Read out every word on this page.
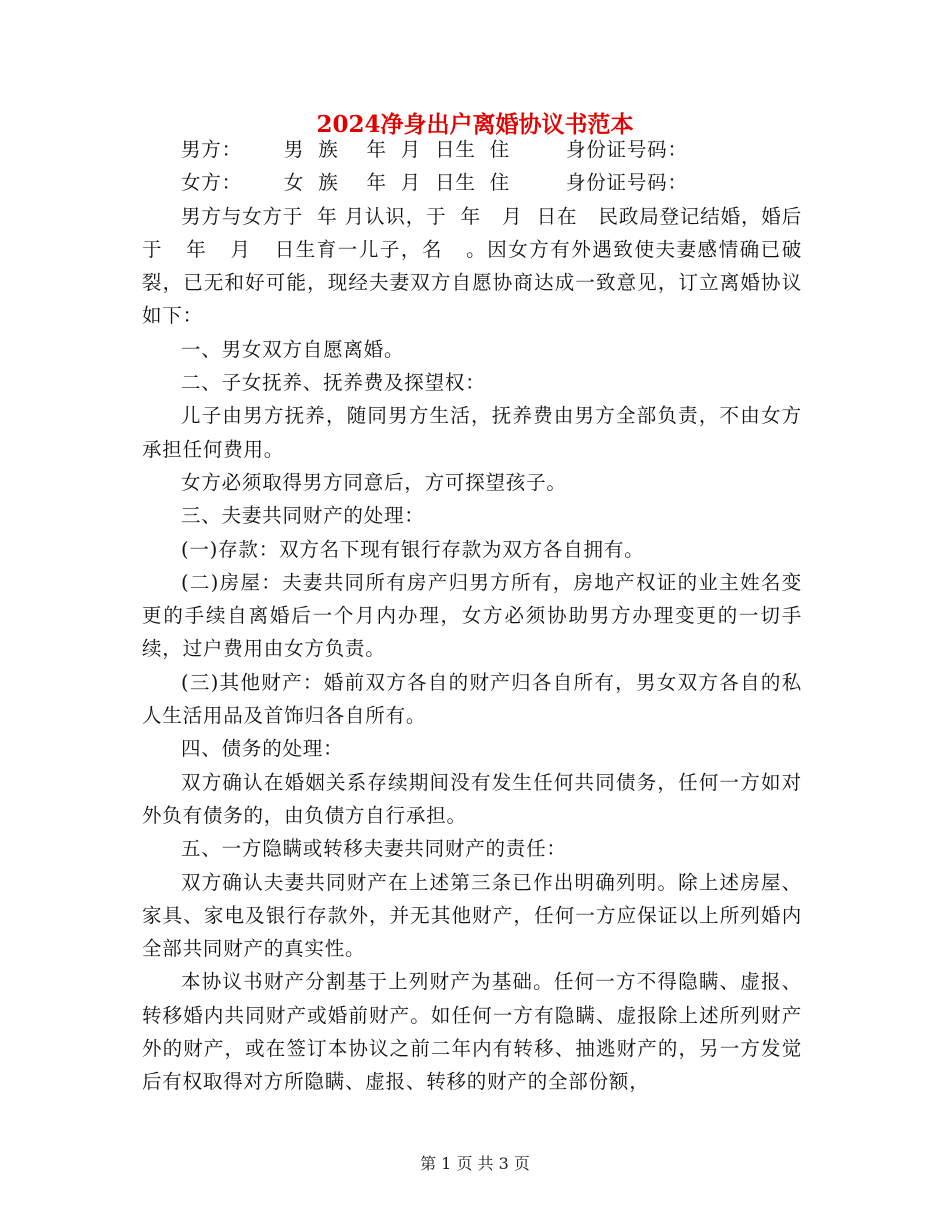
2024净身出户离婚协议书范本

男方：      男  族    年  月  日生  住        身份证号码：

女方：      女  族    年  月  日生  住        身份证号码：

男方与女方于  年 月认识，于  年   月  日在   民政局登记结婚，婚后于   年   月   日生育一儿子，名   。因女方有外遇致使夫妻感情确已破裂，已无和好可能，现经夫妻双方自愿协商达成一致意见，订立离婚协议如下：

一、男女双方自愿离婚。

二、子女抚养、抚养费及探望权：

儿子由男方抚养，随同男方生活，抚养费由男方全部负责，不由女方承担任何费用。

女方必须取得男方同意后，方可探望孩子。

三、夫妻共同财产的处理：

(一)存款：双方名下现有银行存款为双方各自拥有。

(二)房屋：夫妻共同所有房产归男方所有，房地产权证的业主姓名变更的手续自离婚后一个月内办理，女方必须协助男方办理变更的一切手续，过户费用由女方负责。

(三)其他财产：婚前双方各自的财产归各自所有，男女双方各自的私人生活用品及首饰归各自所有。

四、债务的处理：

双方确认在婚姻关系存续期间没有发生任何共同债务，任何一方如对外负有债务的，由负债方自行承担。

五、一方隐瞒或转移夫妻共同财产的责任：

双方确认夫妻共同财产在上述第三条已作出明确列明。除上述房屋、家具、家电及银行存款外，并无其他财产，任何一方应保证以上所列婚内全部共同财产的真实性。

本协议书财产分割基于上列财产为基础。任何一方不得隐瞒、虚报、转移婚内共同财产或婚前财产。如任何一方有隐瞒、虚报除上述所列财产外的财产，或在签订本协议之前二年内有转移、抽逃财产的，另一方发觉后有权取得对方所隐瞒、虚报、转移的财产的全部份额，

第 1 页 共 3 页
